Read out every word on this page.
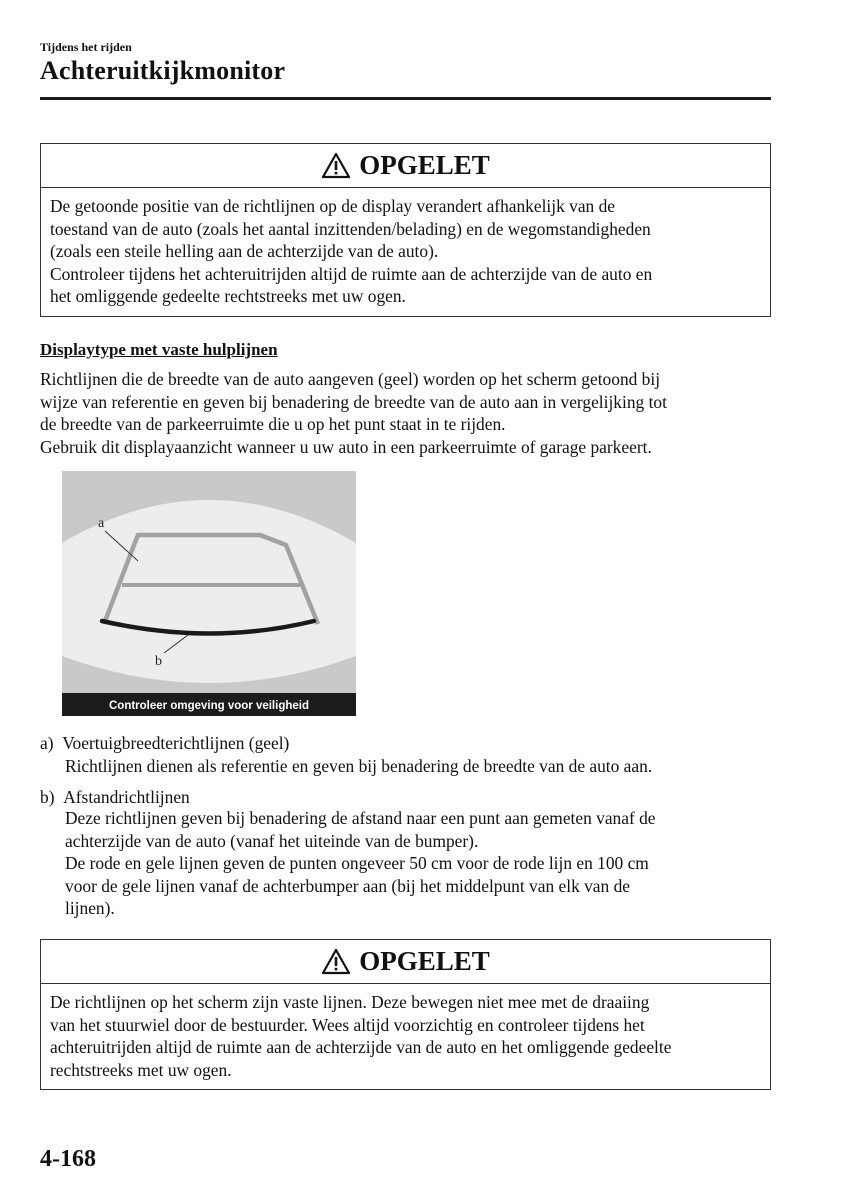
Tijdens het rijden
Achteruitkijkmonitor
OPGELET
De getoonde positie van de richtlijnen op de display verandert afhankelijk van de
toestand van de auto (zoals het aantal inzittenden/belading) en de wegomstandigheden
(zoals een steile helling aan de achterzijde van de auto).
Controleer tijdens het achteruitrijden altijd de ruimte aan de achterzijde van de auto en
het omliggende gedeelte rechtstreeks met uw ogen.
Displaytype met vaste hulplijnen
Richtlijnen die de breedte van de auto aangeven (geel) worden op het scherm getoond bij
wijze van referentie en geven bij benadering de breedte van de auto aan in vergelijking tot
de breedte van de parkeerruimte die u op het punt staat in te rijden.
Gebruik dit displayaanzicht wanneer u uw auto in een parkeerruimte of garage parkeert.
a
b
Controleer omgeving voor veiligheid
a) Voertuigbreedterichtlijnen (geel)
Richtlijnen dienen als referentie en geven bij benadering de breedte van de auto aan.
b) Afstandrichtlijnen
Deze richtlijnen geven bij benadering de afstand naar een punt aan gemeten vanaf de
achterzijde van de auto (vanaf het uiteinde van de bumper).
De rode en gele lijnen geven de punten ongeveer 50 cm voor de rode lijn en 100 cm
voor de gele lijnen vanaf de achterbumper aan (bij het middelpunt van elk van de
lijnen).
OPGELET
De richtlijnen op het scherm zijn vaste lijnen. Deze bewegen niet mee met de draaiing
van het stuurwiel door de bestuurder. Wees altijd voorzichtig en controleer tijdens het
achteruitrijden altijd de ruimte aan de achterzijde van de auto en het omliggende gedeelte
rechtstreeks met uw ogen.
4-168
